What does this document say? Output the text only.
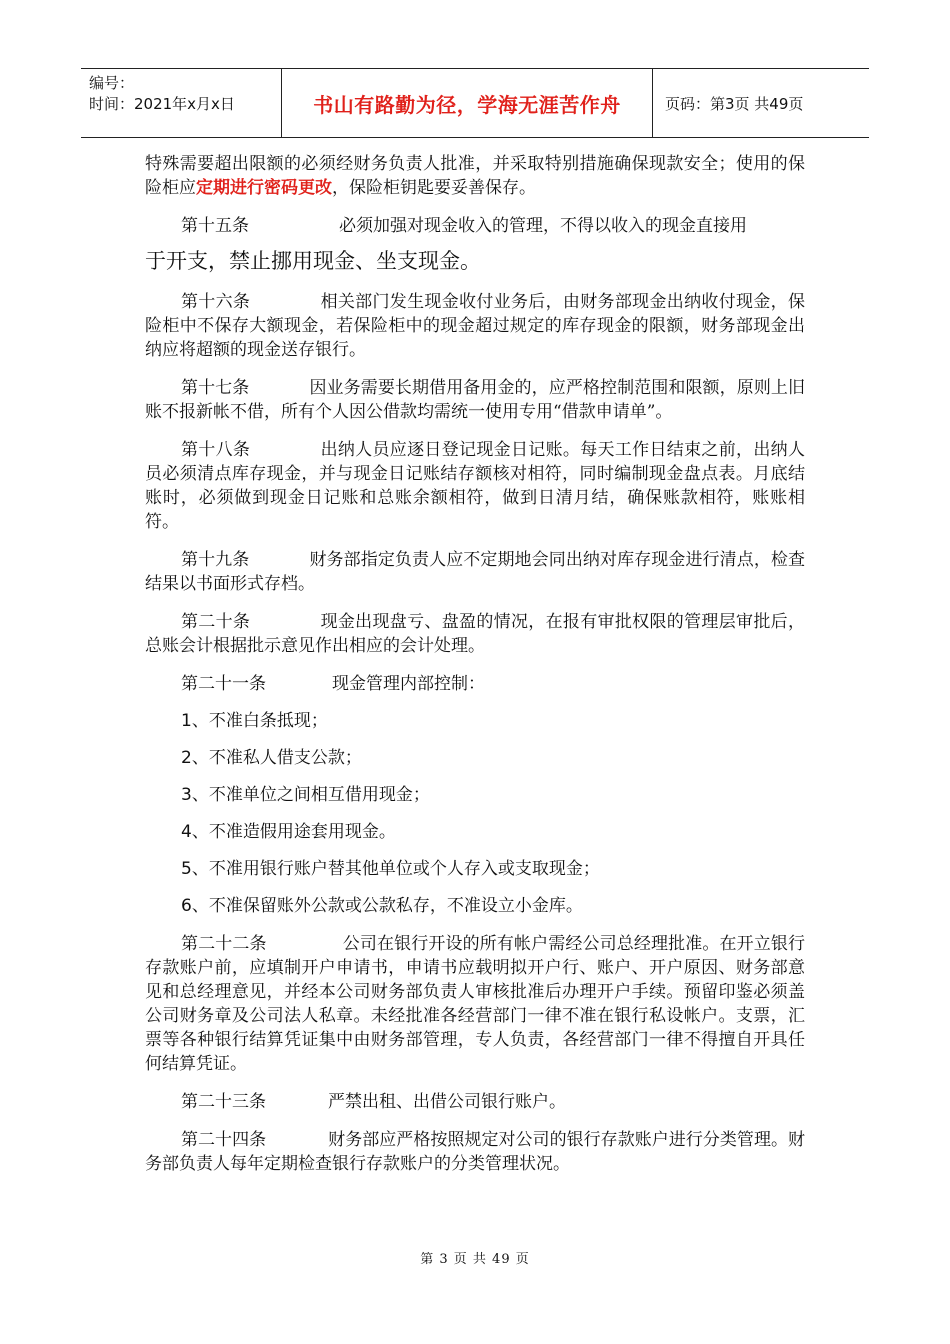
编号：
时间：2021年x月x日	书山有路勤为径，学海无涯苦作舟	页码：第3页 共49页

特殊需要超出限额的必须经财务负责人批准，并采取特别措施确保现款安全；使用的保险柜应定期进行密码更改，保险柜钥匙要妥善保存。

第十五条	必须加强对现金收入的管理，不得以收入的现金直接用

于开支，禁止挪用现金、坐支现金。

第十六条	相关部门发生现金收付业务后，由财务部现金出纳收付现金，保险柜中不保存大额现金，若保险柜中的现金超过规定的库存现金的限额，财务部现金出纳应将超额的现金送存银行。

第十七条	因业务需要长期借用备用金的，应严格控制范围和限额，原则上旧账不报新帐不借，所有个人因公借款均需统一使用专用“借款申请单”。

第十八条	出纳人员应逐日登记现金日记账。每天工作日结束之前，出纳人员必须清点库存现金，并与现金日记账结存额核对相符，同时编制现金盘点表。月底结账时，必须做到现金日记账和总账余额相符，做到日清月结，确保账款相符，账账相符。

第十九条	财务部指定负责人应不定期地会同出纳对库存现金进行清点，检查结果以书面形式存档。

第二十条	现金出现盘亏、盘盈的情况，在报有审批权限的管理层审批后，总账会计根据批示意见作出相应的会计处理。

第二十一条	现金管理内部控制：

1、不准白条抵现；

2、不准私人借支公款；

3、不准单位之间相互借用现金；

4、不准造假用途套用现金。

5、不准用银行账户替其他单位或个人存入或支取现金；

6、不准保留账外公款或公款私存，不准设立小金库。

第二十二条	公司在银行开设的所有帐户需经公司总经理批准。在开立银行存款账户前，应填制开户申请书，申请书应载明拟开户行、账户、开户原因、财务部意见和总经理意见，并经本公司财务部负责人审核批准后办理开户手续。预留印鉴必须盖公司财务章及公司法人私章。未经批准各经营部门一律不准在银行私设帐户。支票，汇票等各种银行结算凭证集中由财务部管理，专人负责，各经营部门一律不得擅自开具任何结算凭证。

第二十三条	严禁出租、出借公司银行账户。

第二十四条	财务部应严格按照规定对公司的银行存款账户进行分类管理。财务部负责人每年定期检查银行存款账户的分类管理状况。

第 3 页 共 49 页
